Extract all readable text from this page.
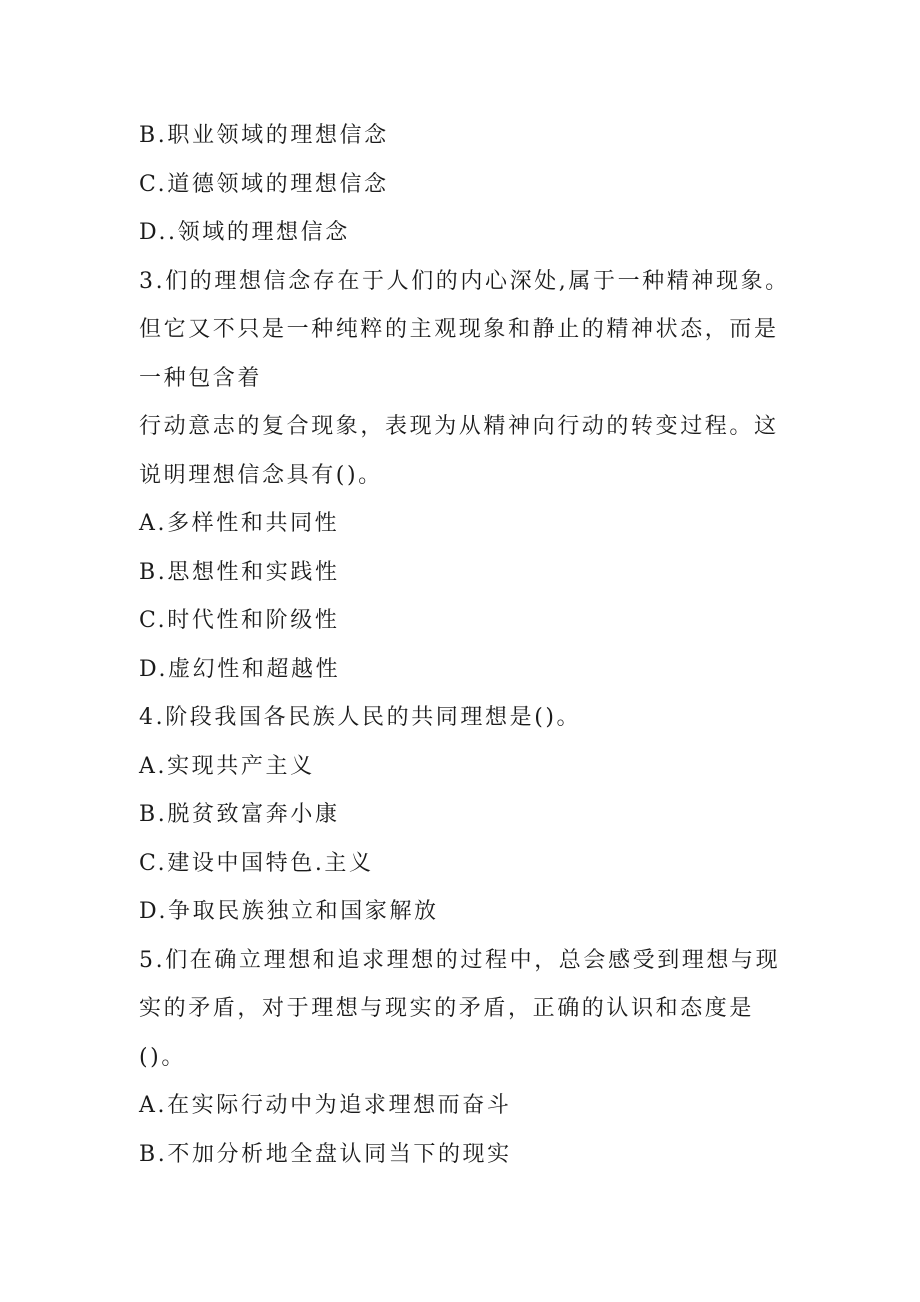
B.职业领域的理想信念
C.道德领域的理想信念
D..领域的理想信念
3.们的理想信念存在于人们的内心深处,属于一种精神现象。
但它又不只是一种纯粹的主观现象和静止的精神状态，而是
一种包含着
行动意志的复合现象，表现为从精神向行动的转变过程。这
说明理想信念具有()。
A.多样性和共同性
B.思想性和实践性
C.时代性和阶级性
D.虚幻性和超越性
4.阶段我国各民族人民的共同理想是()。
A.实现共产主义
B.脱贫致富奔小康
C.建设中国特色.主义
D.争取民族独立和国家解放
5.们在确立理想和追求理想的过程中，总会感受到理想与现
实的矛盾，对于理想与现实的矛盾，正确的认识和态度是
()。
A.在实际行动中为追求理想而奋斗
B.不加分析地全盘认同当下的现实
